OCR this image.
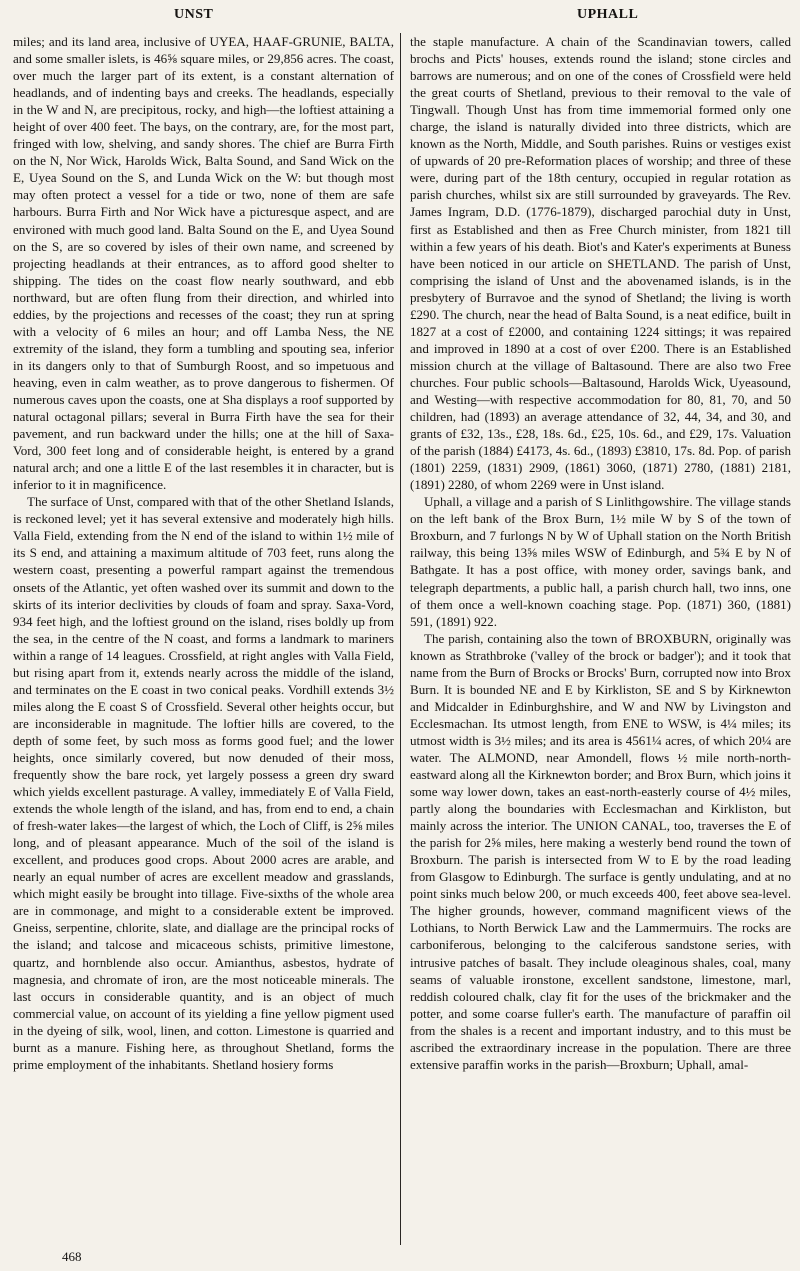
UNST	UPHALL

miles; and its land area, inclusive of UYEA, HAAF-GRUNIE, BALTA, and some smaller islets, is 46⅝ square miles, or 29,856 acres. The coast, over much the larger part of its extent, is a constant alternation of headlands, and of indenting bays and creeks. The headlands, especially in the W and N, are precipitous, rocky, and high—the loftiest attaining a height of over 400 feet. The bays, on the contrary, are, for the most part, fringed with low, shelving, and sandy shores. The chief are Burra Firth on the N, Nor Wick, Harolds Wick, Balta Sound, and Sand Wick on the E, Uyea Sound on the S, and Lunda Wick on the W: but though most may often protect a vessel for a tide or two, none of them are safe harbours. Burra Firth and Nor Wick have a picturesque aspect, and are environed with much good land. Balta Sound on the E, and Uyea Sound on the S, are so covered by isles of their own name, and screened by projecting headlands at their entrances, as to afford good shelter to shipping. The tides on the coast flow nearly southward, and ebb northward, but are often flung from their direction, and whirled into eddies, by the projections and recesses of the coast; they run at spring with a velocity of 6 miles an hour; and off Lamba Ness, the NE extremity of the island, they form a tumbling and spouting sea, inferior in its dangers only to that of Sumburgh Roost, and so impetuous and heaving, even in calm weather, as to prove dangerous to fishermen. Of numerous caves upon the coasts, one at Sha displays a roof supported by natural octagonal pillars; several in Burra Firth have the sea for their pavement, and run backward under the hills; one at the hill of Saxa-Vord, 300 feet long and of considerable height, is entered by a grand natural arch; and one a little E of the last resembles it in character, but is inferior to it in magnificence.

The surface of Unst, compared with that of the other Shetland Islands, is reckoned level; yet it has several extensive and moderately high hills. Valla Field, extending from the N end of the island to within 1½ mile of its S end, and attaining a maximum altitude of 703 feet, runs along the western coast, presenting a powerful rampart against the tremendous onsets of the Atlantic, yet often washed over its summit and down to the skirts of its interior declivities by clouds of foam and spray. Saxa-Vord, 934 feet high, and the loftiest ground on the island, rises boldly up from the sea, in the centre of the N coast, and forms a landmark to mariners within a range of 14 leagues. Crossfield, at right angles with Valla Field, but rising apart from it, extends nearly across the middle of the island, and terminates on the E coast in two conical peaks. Vordhill extends 3½ miles along the E coast S of Crossfield. Several other heights occur, but are inconsiderable in magnitude. The loftier hills are covered, to the depth of some feet, by such moss as forms good fuel; and the lower heights, once similarly covered, but now denuded of their moss, frequently show the bare rock, yet largely possess a green dry sward which yields excellent pasturage. A valley, immediately E of Valla Field, extends the whole length of the island, and has, from end to end, a chain of fresh-water lakes—the largest of which, the Loch of Cliff, is 2⅝ miles long, and of pleasant appearance. Much of the soil of the island is excellent, and produces good crops. About 2000 acres are arable, and nearly an equal number of acres are excellent meadow and grasslands, which might easily be brought into tillage. Five-sixths of the whole area are in commonage, and might to a considerable extent be improved. Gneiss, serpentine, chlorite, slate, and diallage are the principal rocks of the island; and talcose and micaceous schists, primitive limestone, quartz, and hornblende also occur. Amianthus, asbestos, hydrate of magnesia, and chromate of iron, are the most noticeable minerals. The last occurs in considerable quantity, and is an object of much commercial value, on account of its yielding a fine yellow pigment used in the dyeing of silk, wool, linen, and cotton. Limestone is quarried and burnt as a manure. Fishing here, as throughout Shetland, forms the prime employment of the inhabitants. Shetland hosiery forms

the staple manufacture. A chain of the Scandinavian towers, called brochs and Picts' houses, extends round the island; stone circles and barrows are numerous; and on one of the cones of Crossfield were held the great courts of Shetland, previous to their removal to the vale of Tingwall. Though Unst has from time immemorial formed only one charge, the island is naturally divided into three districts, which are known as the North, Middle, and South parishes. Ruins or vestiges exist of upwards of 20 pre-Reformation places of worship; and three of these were, during part of the 18th century, occupied in regular rotation as parish churches, whilst six are still surrounded by graveyards. The Rev. James Ingram, D.D. (1776-1879), discharged parochial duty in Unst, first as Established and then as Free Church minister, from 1821 till within a few years of his death. Biot's and Kater's experiments at Buness have been noticed in our article on SHETLAND. The parish of Unst, comprising the island of Unst and the abovenamed islands, is in the presbytery of Burravoe and the synod of Shetland; the living is worth £290. The church, near the head of Balta Sound, is a neat edifice, built in 1827 at a cost of £2000, and containing 1224 sittings; it was repaired and improved in 1890 at a cost of over £200. There is an Established mission church at the village of Baltasound. There are also two Free churches. Four public schools—Baltasound, Harolds Wick, Uyeasound, and Westing—with respective accommodation for 80, 81, 70, and 50 children, had (1893) an average attendance of 32, 44, 34, and 30, and grants of £32, 13s., £28, 18s. 6d., £25, 10s. 6d., and £29, 17s. Valuation of the parish (1884) £4173, 4s. 6d., (1893) £3810, 17s. 8d. Pop. of parish (1801) 2259, (1831) 2909, (1861) 3060, (1871) 2780, (1881) 2181, (1891) 2280, of whom 2269 were in Unst island.

Uphall, a village and a parish of S Linlithgowshire. The village stands on the left bank of the Brox Burn, 1½ mile W by S of the town of Broxburn, and 7 furlongs N by W of Uphall station on the North British railway, this being 13⅝ miles WSW of Edinburgh, and 5¾ E by N of Bathgate. It has a post office, with money order, savings bank, and telegraph departments, a public hall, a parish church hall, two inns, one of them once a well-known coaching stage. Pop. (1871) 360, (1881) 591, (1891) 922.

The parish, containing also the town of BROXBURN, originally was known as Strathbroke ('valley of the brock or badger'); and it took that name from the Burn of Brocks or Brocks' Burn, corrupted now into Brox Burn. It is bounded NE and E by Kirkliston, SE and S by Kirknewton and Midcalder in Edinburghshire, and W and NW by Livingston and Ecclesmachan. Its utmost length, from ENE to WSW, is 4¼ miles; its utmost width is 3½ miles; and its area is 4561¼ acres, of which 20¼ are water. The ALMOND, near Amondell, flows ½ mile north-north-eastward along all the Kirknewton border; and Brox Burn, which joins it some way lower down, takes an east-north-easterly course of 4½ miles, partly along the boundaries with Ecclesmachan and Kirkliston, but mainly across the interior. The UNION CANAL, too, traverses the E of the parish for 2⅝ miles, here making a westerly bend round the town of Broxburn. The parish is intersected from W to E by the road leading from Glasgow to Edinburgh. The surface is gently undulating, and at no point sinks much below 200, or much exceeds 400, feet above sea-level. The higher grounds, however, command magnificent views of the Lothians, to North Berwick Law and the Lammermuirs. The rocks are carboniferous, belonging to the calciferous sandstone series, with intrusive patches of basalt. They include oleaginous shales, coal, many seams of valuable ironstone, excellent sandstone, limestone, marl, reddish coloured chalk, clay fit for the uses of the brickmaker and the potter, and some coarse fuller's earth. The manufacture of paraffin oil from the shales is a recent and important industry, and to this must be ascribed the extraordinary increase in the population. There are three extensive paraffin works in the parish—Broxburn; Uphall, amal-

468
